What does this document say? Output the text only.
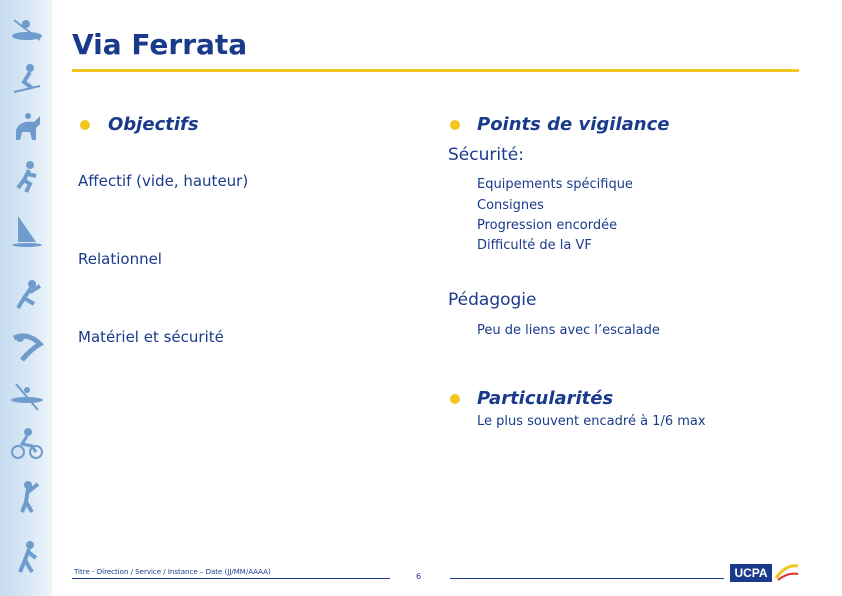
Via Ferrata
Objectifs
Affectif (vide, hauteur)
Relationnel
Matériel et sécurité
Points de vigilance
Sécurité:
Equipements spécifique
Consignes
Progression encordée
Difficulté de la VF
Pédagogie
Peu de liens avec l’escalade
Particularités
Le plus souvent encadré à 1/6 max
Titre - Direction / Service / Instance – Date (JJ/MM/AAAA)	6	UCPA
